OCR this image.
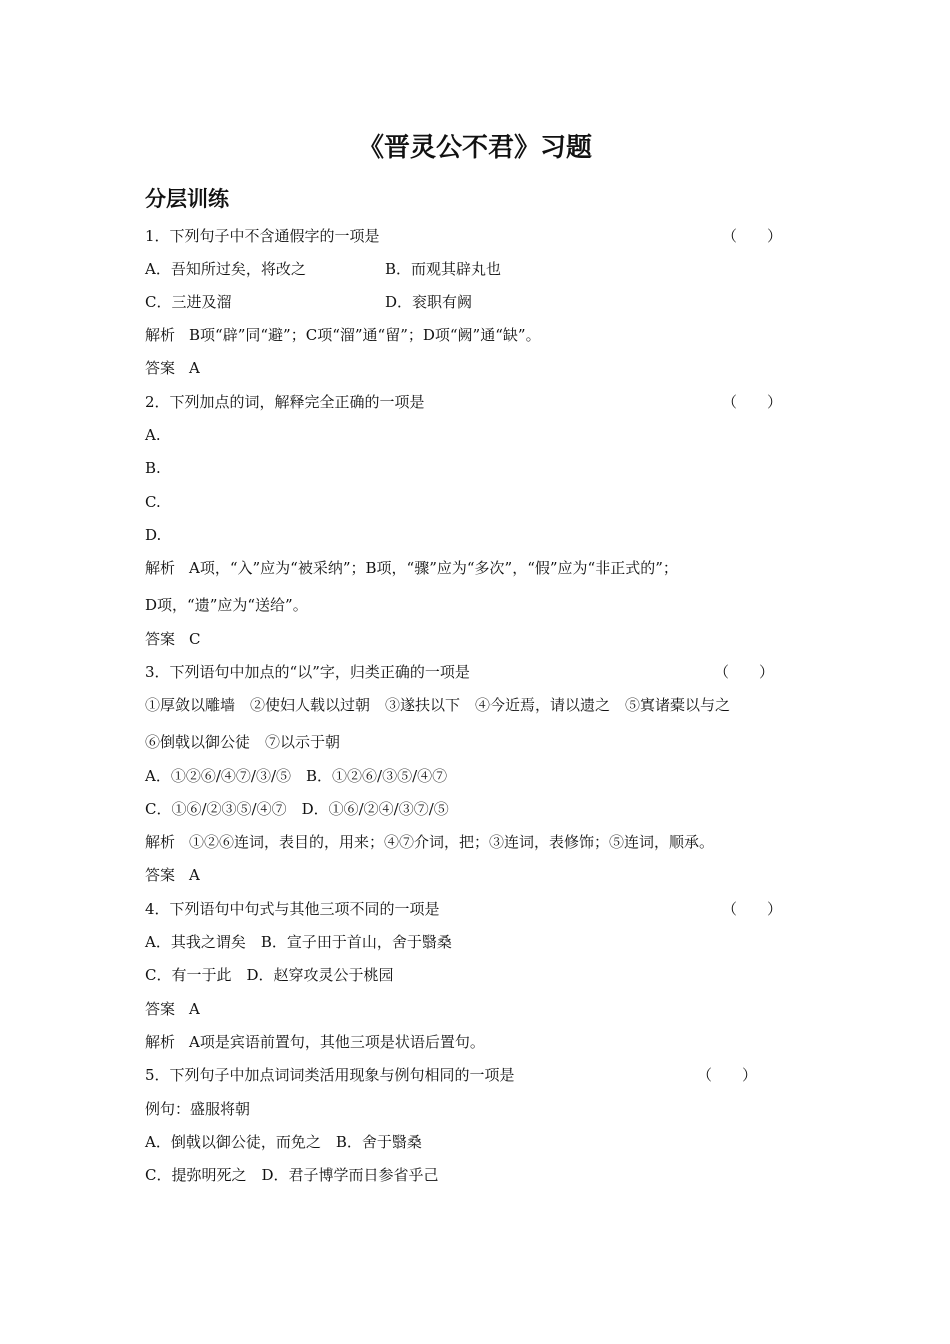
《晋灵公不君》习题
分层训练
1．下列句子中不含通假字的一项是	（　　）
A．吾知所过矣，将改之	B．而观其辟丸也
C．三进及溜	D．衮职有阙
解析 B项“辟”同“避”；C项“溜”通“留”；D项“阙”通“缺”。
答案 A
2．下列加点的词，解释完全正确的一项是	（　　）
A.
B.
C.
D.
解析 A项，“入”应为“被采纳”；B项，“骤”应为“多次”，“假”应为“非正式的”；
D项，“遗”应为“送给”。
答案 C
3．下列语句中加点的“以”字，归类正确的一项是	（　　）
①厚敛以雕墙　②使妇人载以过朝　③遂扶以下　④今近焉，请以遗之　⑤寘诸橐以与之
⑥倒戟以御公徒　⑦以示于朝
A．①②⑥/④⑦/③/⑤　B．①②⑥/③⑤/④⑦
C．①⑥/②③⑤/④⑦　D．①⑥/②④/③⑦/⑤
解析 ①②⑥连词，表目的，用来；④⑦介词，把；③连词，表修饰；⑤连词，顺承。
答案 A
4．下列语句中句式与其他三项不同的一项是	（　　）
A．其我之谓矣　B．宣子田于首山，舍于翳桑
C．有一于此　D．赵穿攻灵公于桃园
答案 A
解析 A项是宾语前置句，其他三项是状语后置句。
5．下列句子中加点词词类活用现象与例句相同的一项是	（　　）
例句：盛服将朝
A．倒戟以御公徒，而免之　B．舍于翳桑
C．提弥明死之　D．君子博学而日参省乎己
